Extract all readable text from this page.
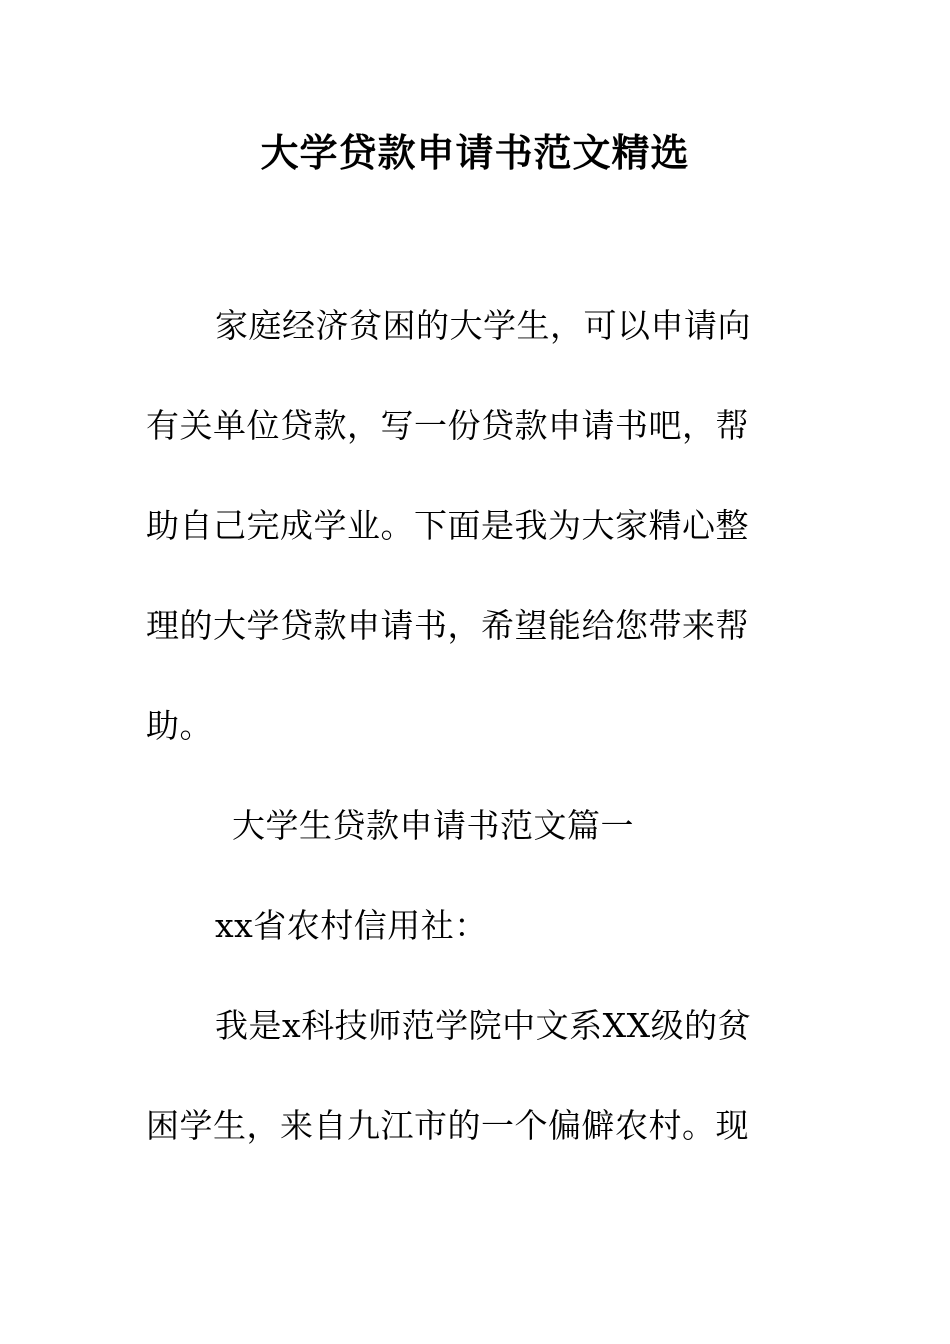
大学贷款申请书范文精选
家庭经济贫困的大学生，可以申请向
有关单位贷款，写一份贷款申请书吧，帮
助自己完成学业。下面是我为大家精心整
理的大学贷款申请书，希望能给您带来帮
助。
大学生贷款申请书范文篇一
xx省农村信用社：
我是x科技师范学院中文系XX级的贫
困学生，来自九江市的一个偏僻农村。现
